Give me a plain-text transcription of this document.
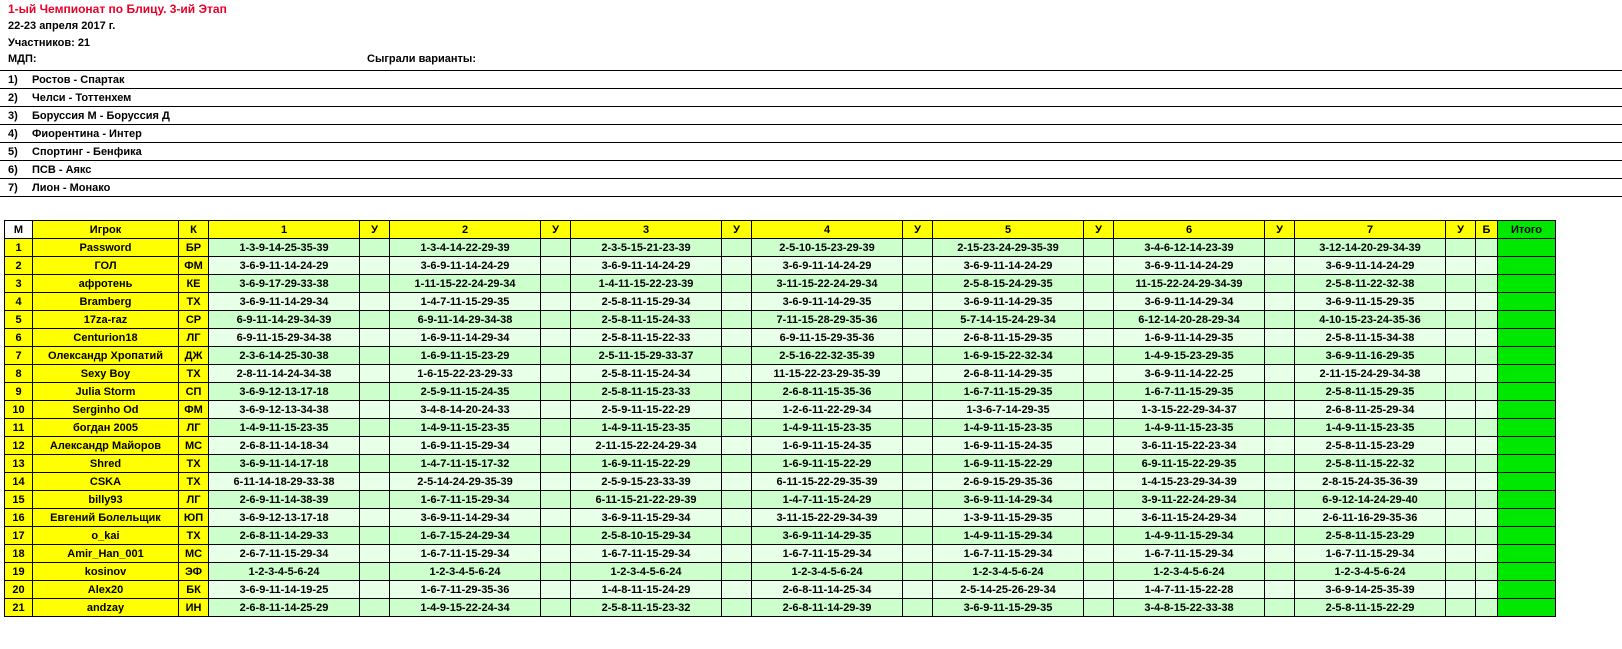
1-ый Чемпионат по Блицу. 3-ий Этап
22-23 апреля 2017 г.
Участников: 21
МДП:	Сыграли варианты:
1)	Ростов - Спартак
2)	Челси - Тоттенхем
3)	Боруссия М - Боруссия Д
4)	Фиорентина - Интер
5)	Спортинг - Бенфика
6)	ПСВ - Аякс
7)	Лион - Монако
М	Игрок	К	1	У	2	У	3	У	4	У	5	У	6	У	7	У	Б	Итого
1	Password	БР	1-3-9-14-25-35-39		1-3-4-14-22-29-39		2-3-5-15-21-23-39		2-5-10-15-23-29-39		2-15-23-24-29-35-39		3-4-6-12-14-23-39		3-12-14-20-29-34-39			
2	ГОЛ	ФМ	3-6-9-11-14-24-29		3-6-9-11-14-24-29		3-6-9-11-14-24-29		3-6-9-11-14-24-29		3-6-9-11-14-24-29		3-6-9-11-14-24-29		3-6-9-11-14-24-29			
3	афротень	КЕ	3-6-9-17-29-33-38		1-11-15-22-24-29-34		1-4-11-15-22-23-39		3-11-15-22-24-29-34		2-5-8-15-24-29-35		11-15-22-24-29-34-39		2-5-8-11-22-32-38			
4	Bramberg	ТХ	3-6-9-11-14-29-34		1-4-7-11-15-29-35		2-5-8-11-15-29-34		3-6-9-11-14-29-35		3-6-9-11-14-29-35		3-6-9-11-14-29-34		3-6-9-11-15-29-35			
5	17za-raz	СР	6-9-11-14-29-34-39		6-9-11-14-29-34-38		2-5-8-11-15-24-33		7-11-15-28-29-35-36		5-7-14-15-24-29-34		6-12-14-20-28-29-34		4-10-15-23-24-35-36			
6	Centurion18	ЛГ	6-9-11-15-29-34-38		1-6-9-11-14-29-34		2-5-8-11-15-22-33		6-9-11-15-29-35-36		2-6-8-11-15-29-35		1-6-9-11-14-29-35		2-5-8-11-15-34-38			
7	Олександр Хропатий	ДЖ	2-3-6-14-25-30-38		1-6-9-11-15-23-29		2-5-11-15-29-33-37		2-5-16-22-32-35-39		1-6-9-15-22-32-34		1-4-9-15-23-29-35		3-6-9-11-16-29-35			
8	Sexy Boy	ТХ	2-8-11-14-24-34-38		1-6-15-22-23-29-33		2-5-8-11-15-24-34		11-15-22-23-29-35-39		2-6-8-11-14-29-35		3-6-9-11-14-22-25		2-11-15-24-29-34-38			
9	Julia Storm	СП	3-6-9-12-13-17-18		2-5-9-11-15-24-35		2-5-8-11-15-23-33		2-6-8-11-15-35-36		1-6-7-11-15-29-35		1-6-7-11-15-29-35		2-5-8-11-15-29-35			
10	Serginho Od	ФМ	3-6-9-12-13-34-38		3-4-8-14-20-24-33		2-5-9-11-15-22-29		1-2-6-11-22-29-34		1-3-6-7-14-29-35		1-3-15-22-29-34-37		2-6-8-11-25-29-34			
11	богдан 2005	ЛГ	1-4-9-11-15-23-35		1-4-9-11-15-23-35		1-4-9-11-15-23-35		1-4-9-11-15-23-35		1-4-9-11-15-23-35		1-4-9-11-15-23-35		1-4-9-11-15-23-35			
12	Александр Майоров	МС	2-6-8-11-14-18-34		1-6-9-11-15-29-34		2-11-15-22-24-29-34		1-6-9-11-15-24-35		1-6-9-11-15-24-35		3-6-11-15-22-23-34		2-5-8-11-15-23-29			
13	Shred	ТХ	3-6-9-11-14-17-18		1-4-7-11-15-17-32		1-6-9-11-15-22-29		1-6-9-11-15-22-29		1-6-9-11-15-22-29		6-9-11-15-22-29-35		2-5-8-11-15-22-32			
14	CSKA	ТХ	6-11-14-18-29-33-38		2-5-14-24-29-35-39		2-5-9-15-23-33-39		6-11-15-22-29-35-39		2-6-9-15-29-35-36		1-4-15-23-29-34-39		2-8-15-24-35-36-39			
15	billy93	ЛГ	2-6-9-11-14-38-39		1-6-7-11-15-29-34		6-11-15-21-22-29-39		1-4-7-11-15-24-29		3-6-9-11-14-29-34		3-9-11-22-24-29-34		6-9-12-14-24-29-40			
16	Евгений Болельщик	ЮП	3-6-9-12-13-17-18		3-6-9-11-14-29-34		3-6-9-11-15-29-34		3-11-15-22-29-34-39		1-3-9-11-15-29-35		3-6-11-15-24-29-34		2-6-11-16-29-35-36			
17	o_kai	ТХ	2-6-8-11-14-29-33		1-6-7-15-24-29-34		2-5-8-10-15-29-34		3-6-9-11-14-29-35		1-4-9-11-15-29-34		1-4-9-11-15-29-34		2-5-8-11-15-23-29			
18	Amir_Han_001	МС	2-6-7-11-15-29-34		1-6-7-11-15-29-34		1-6-7-11-15-29-34		1-6-7-11-15-29-34		1-6-7-11-15-29-34		1-6-7-11-15-29-34		1-6-7-11-15-29-34			
19	kosinov	ЭФ	1-2-3-4-5-6-24		1-2-3-4-5-6-24		1-2-3-4-5-6-24		1-2-3-4-5-6-24		1-2-3-4-5-6-24		1-2-3-4-5-6-24		1-2-3-4-5-6-24			
20	Alex20	БК	3-6-9-11-14-19-25		1-6-7-11-29-35-36		1-4-8-11-15-24-29		2-6-8-11-14-25-34		2-5-14-25-26-29-34		1-4-7-11-15-22-28		3-6-9-14-25-35-39			
21	andzay	ИН	2-6-8-11-14-25-29		1-4-9-15-22-24-34		2-5-8-11-15-23-32		2-6-8-11-14-29-39		3-6-9-11-15-29-35		3-4-8-15-22-33-38		2-5-8-11-15-22-29			
